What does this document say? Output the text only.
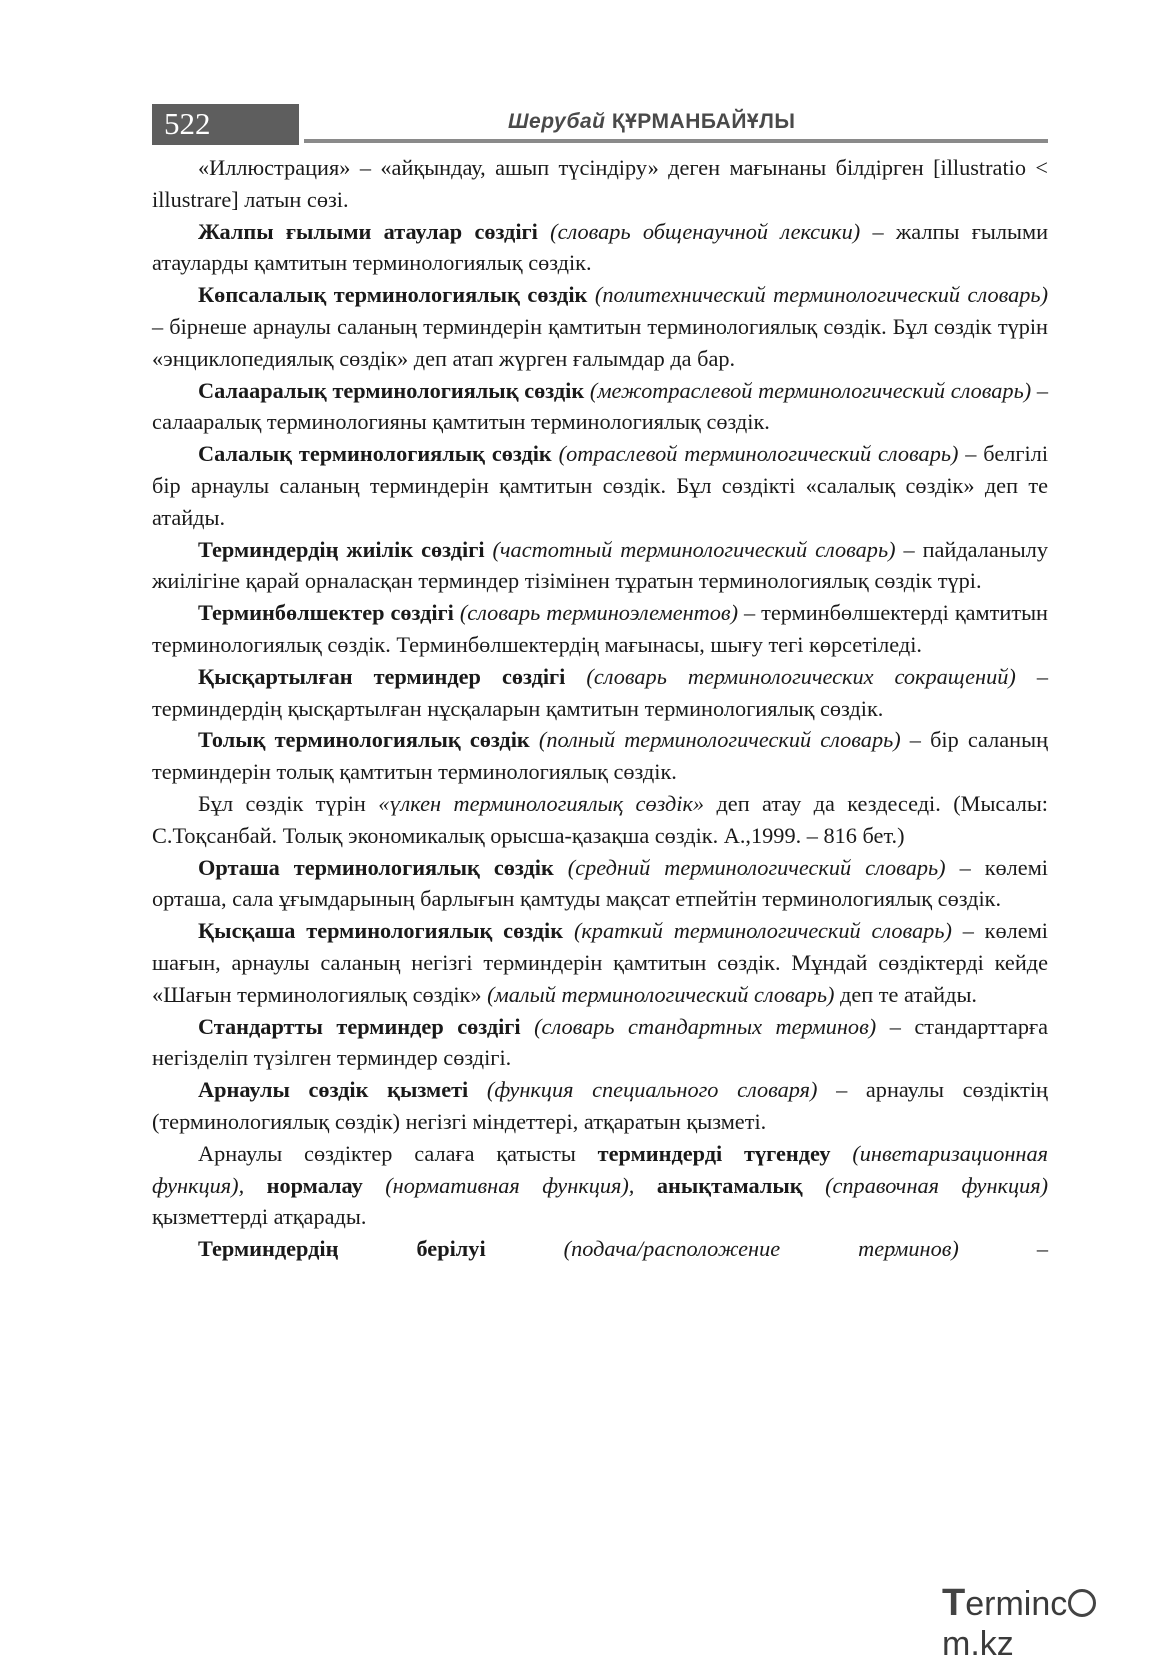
522	Шерубай ҚҰРМАНБАЙҰЛЫ

«Иллюстрация» – «айқындау, ашып түсіндіру» деген мағынаны білдірген [illustratio < illustrare] латын сөзі.

Жалпы ғылыми атаулар сөздігі (словарь общенаучной лексики) – жалпы ғылыми атауларды қамтитын терминологиялық сөздік.

Көпсалалық терминологиялық сөздік (политехнический терминологический словарь) – бірнеше арнаулы саланың терминдерін қамтитын терминологиялық сөздік. Бұл сөздік түрін «энциклопедиялық сөздік» деп атап жүрген ғалымдар да бар.

Салааралық терминологиялық сөздік (межотраслевой терминологический словарь) – салааралық терминологияны қамтитын терминологиялық сөздік.

Салалық терминологиялық сөздік (отраслевой терминологический словарь) – белгілі бір арнаулы саланың терминдерін қамтитын сөздік. Бұл сөздікті «салалық сөздік» деп те атайды.

Терминдердің жиілік сөздігі (частотный терминологический словарь) – пайдаланылу жиілігіне қарай орналасқан терминдер тізімінен тұратын терминологиялық сөздік түрі.

Терминбөлшектер сөздігі (словарь терминоэлементов) – терминбөлшектерді қамтитын терминологиялық сөздік. Терминбөлшектердің мағынасы, шығу тегі көрсетіледі.

Қысқартылған терминдер сөздігі (словарь терминологических сокращений) – терминдердің қысқартылған нұсқаларын қамтитын терминологиялық сөздік.

Толық терминологиялық сөздік (полный терминологический словарь) – бір саланың терминдерін толық қамтитын терминологиялық сөздік.

Бұл сөздік түрін «үлкен терминологиялық сөздік» деп атау да кездеседі. (Мысалы: С.Тоқсанбай. Толық экономикалық орысша-қазақша сөздік. А.,1999. – 816 бет.)

Орташа терминологиялық сөздік (средний терминологический словарь) – көлемі орташа, сала ұғымдарының барлығын қамтуды мақсат етпейтін терминологиялық сөздік.

Қысқаша терминологиялық сөздік (краткий терминологический словарь) – көлемі шағын, арнаулы саланың негізгі терминдерін қамтитын сөздік. Мұндай сөздіктерді кейде «Шағын терминологиялық сөздік» (малый терминологический словарь) деп те атайды.

Стандартты терминдер сөздігі (словарь стандартных терминов) – стандарттарға негізделіп түзілген терминдер сөздігі.

Арнаулы сөздік қызметі (функция специального словаря) – арнаулы сөздіктің (терминологиялық сөздік) негізгі міндеттері, атқаратын қызметі.

Арнаулы сөздіктер салаға қатысты терминдерді түгендеу (инветаризационная функция), нормалау (нормативная функция), анықтамалық (справочная функция) қызметтерді атқарады.

Терминдердің берілуі	(подача/расположение терминов) –

Termincm.kz
